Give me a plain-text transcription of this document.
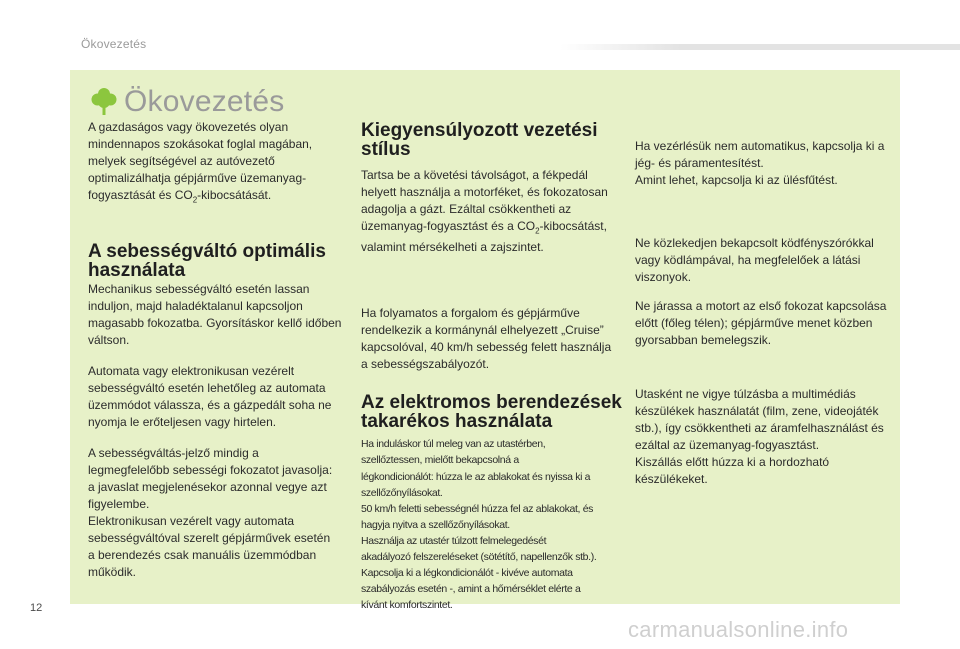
Ökovezetés
Ökovezetés

A gazdaságos vagy ökovezetés olyan
mindennapos szokásokat foglal magában,
melyek segítségével az autóvezető
optimalizálhatja gépjárműve üzemanyag-
fogyasztását és $CO_2$-kibocsátását.

A sebességváltó optimális
használata

Mechanikus sebességváltó esetén lassan
induljon, majd haladéktalanul kapcsoljon
magasabb fokozatba. Gyorsításkor kellő időben
váltson.

Automata vagy elektronikusan vezérelt
sebességváltó esetén lehetőleg az automata
üzemmódot válassza, és a gázpedált soha ne
nyomja le erőteljesen vagy hirtelen.

A sebességváltás-jelző mindig a
legmegfelelőbb sebességi fokozatot javasolja:
a javaslat megjelenésekor azonnal vegye azt
figyelembe.
Elektronikusan vezérelt vagy automata
sebességváltóval szerelt gépjárművek esetén
a berendezés csak manuális üzemmódban
működik.

Kiegyensúlyozott vezetési
stílus

Tartsa be a követési távolságot, a fékpedál
helyett használja a motorféket, és fokozatosan
adagolja a gázt. Ezáltal csökkentheti az
üzemanyag-fogyasztást és a $CO_2$-kibocsátást,
valamint mérsékelheti a zajszintet.

Ha folyamatos a forgalom és gépjárműve
rendelkezik a kormánynál elhelyezett „Cruise”
kapcsolóval, 40 km/h sebesség felett használja
a sebességszabályozót.

Az elektromos berendezések
takarékos használata

Ha induláskor túl meleg van az utastérben,
szellőztessen, mielőtt bekapcsolná a
légkondicionálót: húzza le az ablakokat és nyissa ki a
szellőzőnyílásokat.
50 km/h feletti sebességnél húzza fel az ablakokat, és
hagyja nyitva a szellőzőnyílásokat.
Használja az utastér túlzott felmelegedését
akadályozó felszereléseket (sötétítő, napellenzők stb.).
Kapcsolja ki a légkondicionálót - kivéve automata
szabályozás esetén -, amint a hőmérséklet elérte a
kívánt komfortszintet.

Ha vezérlésük nem automatikus, kapcsolja ki a
jég- és páramentesítést.
Amint lehet, kapcsolja ki az ülésfűtést.

Ne közlekedjen bekapcsolt ködfényszórókkal
vagy ködlámpával, ha megfelelőek a látási
viszonyok.

Ne járassa a motort az első fokozat kapcsolása
előtt (főleg télen); gépjárműve menet közben
gyorsabban bemelegszik.

Utasként ne vigye túlzásba a multimédiás
készülékek használatát (film, zene, videojáték
stb.), így csökkentheti az áramfelhasználást és
ezáltal az üzemanyag-fogyasztást.
Kiszállás előtt húzza ki a hordozható
készülékeket.

12
carmanualsonline.info
